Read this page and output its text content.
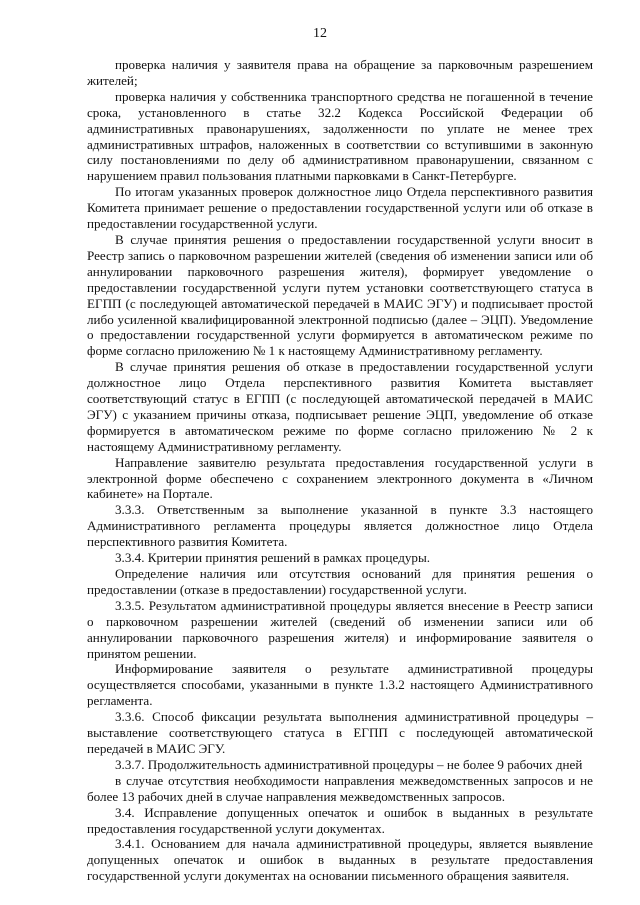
12

проверка наличия у заявителя права на обращение за парковочным разрешением жителей;

проверка наличия у собственника транспортного средства не погашенной в течение срока, установленного в статье 32.2 Кодекса Российской Федерации об административных правонарушениях, задолженности по уплате не менее трех административных штрафов, наложенных в соответствии со вступившими в законную силу постановлениями по делу об административном правонарушении, связанном с нарушением правил пользования платными парковками в Санкт-Петербурге.

По итогам указанных проверок должностное лицо Отдела перспективного развития Комитета принимает решение о предоставлении государственной услуги или об отказе в предоставлении государственной услуги.

В случае принятия решения о предоставлении государственной услуги вносит в Реестр запись о парковочном разрешении жителей (сведения об изменении записи или об аннулировании парковочного разрешения жителя), формирует уведомление о предоставлении государственной услуги путем установки соответствующего статуса в ЕГПП (с последующей автоматической передачей в МАИС ЭГУ) и подписывает простой либо усиленной квалифицированной электронной подписью (далее – ЭЦП). Уведомление о предоставлении государственной услуги формируется в автоматическом режиме по форме согласно приложению № 1 к настоящему Административному регламенту.

В случае принятия решения об отказе в предоставлении государственной услуги должностное лицо Отдела перспективного развития Комитета выставляет соответствующий статус в ЕГПП (с последующей автоматической передачей в МАИС ЭГУ) с указанием причины отказа, подписывает решение ЭЦП, уведомление об отказе формируется в автоматическом режиме по форме согласно приложению № 2 к настоящему Административному регламенту.

Направление заявителю результата предоставления государственной услуги в электронной форме обеспечено с сохранением электронного документа в «Личном кабинете» на Портале.

3.3.3. Ответственным за выполнение указанной в пункте 3.3 настоящего Административного регламента процедуры является должностное лицо Отдела перспективного развития Комитета.

3.3.4. Критерии принятия решений в рамках процедуры.

Определение наличия или отсутствия оснований для принятия решения о предоставлении (отказе в предоставлении) государственной услуги.

3.3.5. Результатом административной процедуры является внесение в Реестр записи о парковочном разрешении жителей (сведений об изменении записи или об аннулировании парковочного разрешения жителя) и информирование заявителя о принятом решении.

Информирование заявителя о результате административной процедуры осуществляется способами, указанными в пункте 1.3.2 настоящего Административного регламента.

3.3.6. Способ фиксации результата выполнения административной процедуры – выставление соответствующего статуса в ЕГПП с последующей автоматической передачей в МАИС ЭГУ.

3.3.7. Продолжительность административной процедуры – не более 9 рабочих дней

в случае отсутствия необходимости направления межведомственных запросов и не более 13 рабочих дней в случае направления межведомственных запросов.

3.4. Исправление допущенных опечаток и ошибок в выданных в результате предоставления государственной услуги документах.

3.4.1. Основанием для начала административной процедуры, является выявление допущенных опечаток и ошибок в выданных в результате предоставления государственной услуги документах на основании письменного обращения заявителя.
